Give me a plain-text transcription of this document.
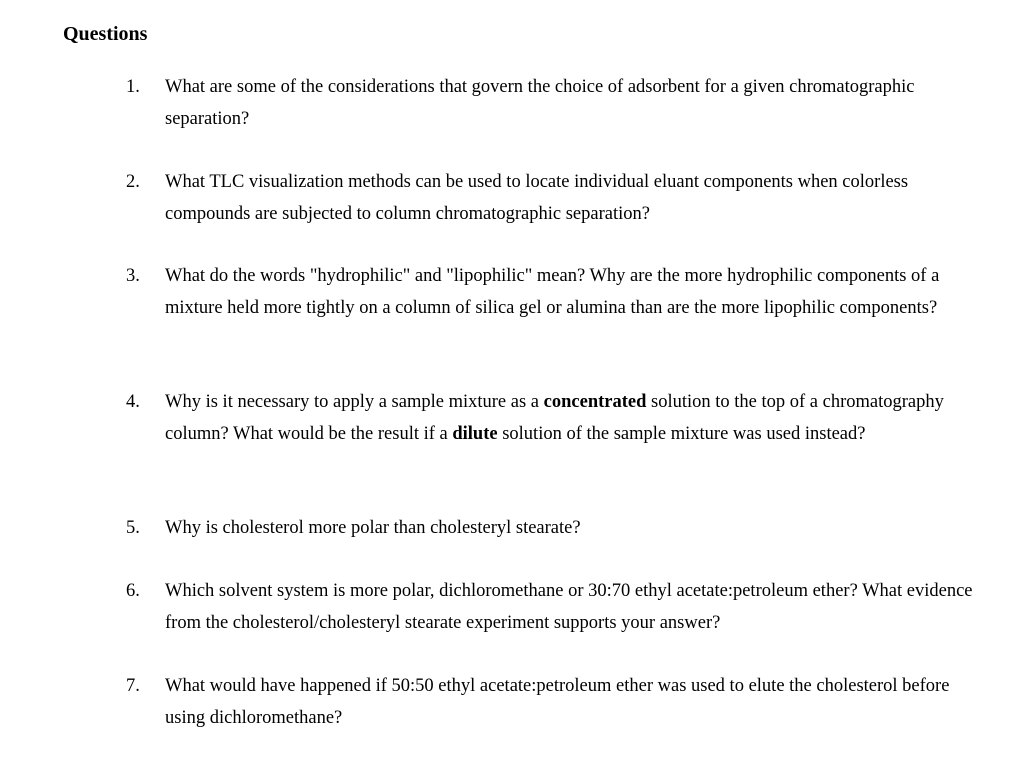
Questions
1.	What are some of the considerations that govern the choice of adsorbent for a given chromatographic separation?
2.	What TLC visualization methods can be used to locate individual eluant components when colorless compounds are subjected to column chromatographic separation?
3.	What do the words "hydrophilic" and "lipophilic" mean? Why are the more hydrophilic components of a mixture held more tightly on a column of silica gel or alumina than are the more lipophilic components?
4.	Why is it necessary to apply a sample mixture as a concentrated solution to the top of a chromatography column? What would be the result if a dilute solution of the sample mixture was used instead?
5.	Why is cholesterol more polar than cholesteryl stearate?
6.	Which solvent system is more polar, dichloromethane or 30:70 ethyl acetate:petroleum ether? What evidence from the cholesterol/cholesteryl stearate experiment supports your answer?
7.	What would have happened if 50:50 ethyl acetate:petroleum ether was used to elute the cholesterol before using dichloromethane?
